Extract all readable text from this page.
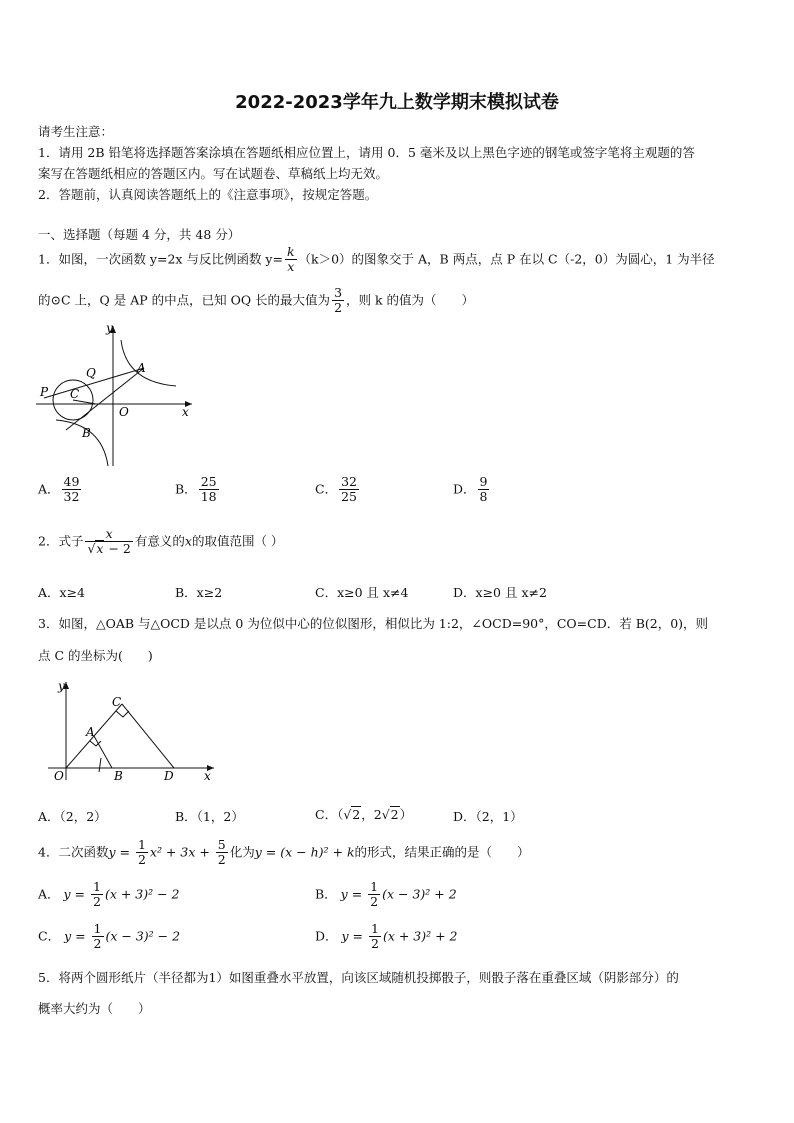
2022-2023学年九上数学期末模拟试卷
请考生注意：
1．请用 2B 铅笔将选择题答案涂填在答题纸相应位置上，请用 0．5 毫米及以上黑色字迹的钢笔或签字笔将主观题的答
案写在答题纸相应的答题区内。写在试题卷、草稿纸上均无效。
2．答题前，认真阅读答题纸上的《注意事项》，按规定答题。
一、选择题（每题 4 分，共 48 分）
1．如图，一次函数 y=2x 与反比例函数 $y= \frac{k}{x} (k>0)$的图象交于 A，B 两点，点 P 在以 C（-2，0）为圆心，1 为半径
的⊙C 上，Q 是 AP 的中点，已知 OQ 长的最大值为 $\frac{3}{2}$ ，则 k 的值为（　　）
y
x
O
A
B
P C
Q
A． $\frac{49}{32}$	B． $\frac{25}{18}$	C． $\frac{32}{25}$	D． $\frac{9}{8}$
2．式子 $\frac{x}{√x - 2}$ 有意义的x的取值范围（ ）
A．x≥4	B．x≥2	C．x≥0 且 x≠4	D．x≥0 且 x≠2
3．如图，△OAB 与△OCD 是以点 0 为位似中心的位似图形，相似比为 1:2，∠OCD=90°，CO=CD．若 B(2，0)，则
点 C 的坐标为(　　)
y
x
O
A
B
C
D
A．（2，2）	B．（1，2）	C．（√2，2√2）	D．（2，1）
4．二次函数$y = \frac{1}{2} x^2 + 3x + \frac{5}{2}$ 化为y = (x − h)² + k的形式，结果正确的是（　　）
A． $y = \frac{1}{2} (x + 3)^2 - 2$	B． $y = \frac{1}{2} (x - 3)^2 + 2$
C． $y = \frac{1}{2} (x - 3)^2 - 2$	D． $y = \frac{1}{2} (x + 3)^2 + 2$
5．将两个圆形纸片（半径都为1）如图重叠水平放置，向该区域随机投掷骰子，则骰子落在重叠区域（阴影部分）的
概率大约为（　　）
